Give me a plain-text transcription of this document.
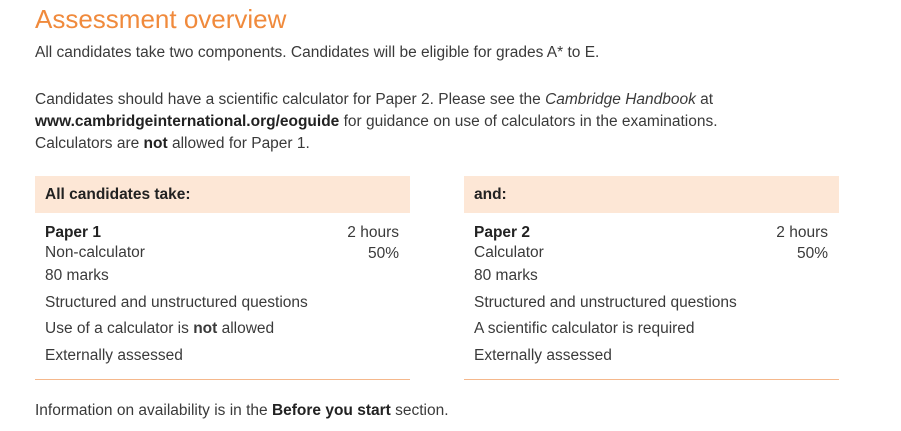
Assessment overview

All candidates take two components. Candidates will be eligible for grades A* to E.

Candidates should have a scientific calculator for Paper 2. Please see the Cambridge Handbook at
www.cambridgeinternational.org/eoguide for guidance on use of calculators in the examinations.
Calculators are not allowed for Paper 1.

All candidates take:
Paper 1
Non-calculator
80 marks
Structured and unstructured questions
Use of a calculator is not allowed
Externally assessed
2 hours
50%
and:
Paper 2
Calculator
80 marks
Structured and unstructured questions
A scientific calculator is required
Externally assessed
2 hours
50%

Information on availability is in the Before you start section.
